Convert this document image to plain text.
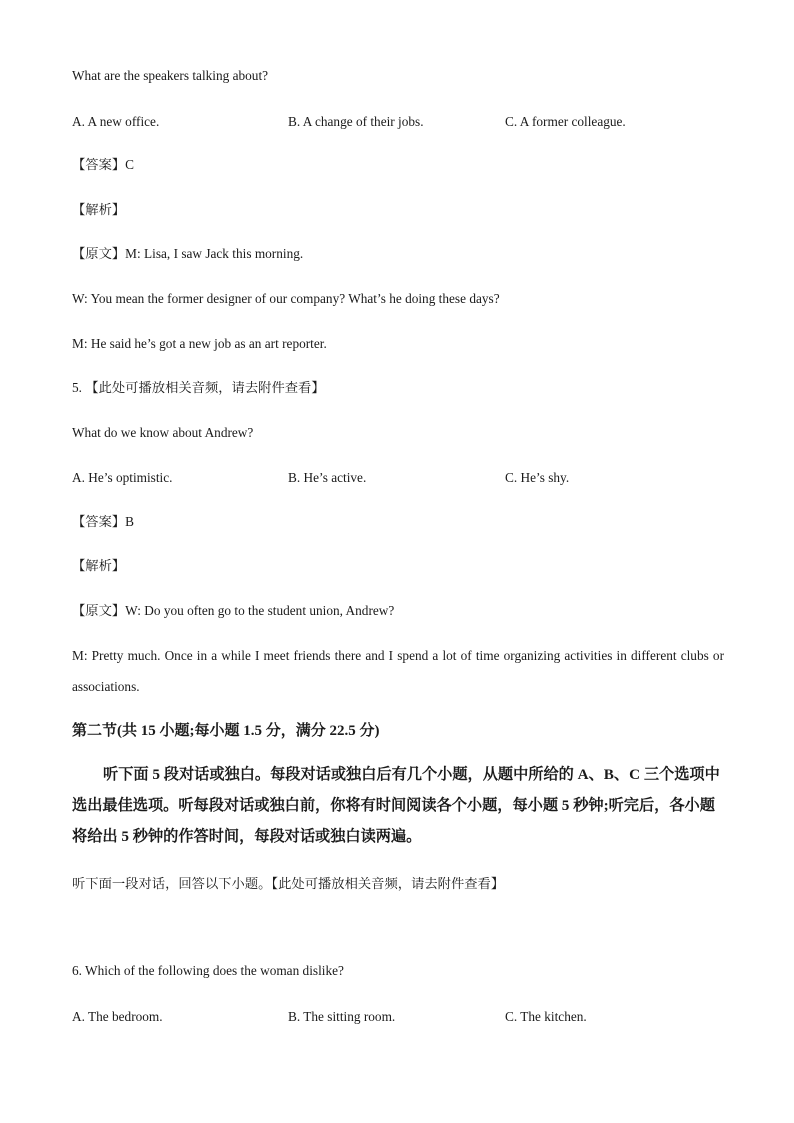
What are the speakers talking about?
A. A new office.	B. A change of their jobs.	C. A former colleague.
【答案】C
【解析】
【原文】M: Lisa, I saw Jack this morning.
W: You mean the former designer of our company? What’s he doing these days?
M: He said he’s got a new job as an art reporter.
5. 【此处可播放相关音频，请去附件查看】
What do we know about Andrew?
A. He’s optimistic.	B. He’s active.	C. He’s shy.
【答案】B
【解析】
【原文】W: Do you often go to the student union, Andrew?
M: Pretty much. Once in a while I meet friends there and I spend a lot of time organizing activities in different clubs or associations.
第二节(共 15 小题;每小题 1.5 分，满分 22.5 分)
听下面 5 段对话或独白。每段对话或独白后有几个小题，从题中所给的 A、B、C 三个选项中选出最佳选项。听每段对话或独白前，你将有时间阅读各个小题，每小题 5 秒钟;听完后，各小题将给出 5 秒钟的作答时间，每段对话或独白读两遍。
听下面一段对话，回答以下小题。【此处可播放相关音频，请去附件查看】
6. Which of the following does the woman dislike?
A. The bedroom.	B. The sitting room.	C. The kitchen.
